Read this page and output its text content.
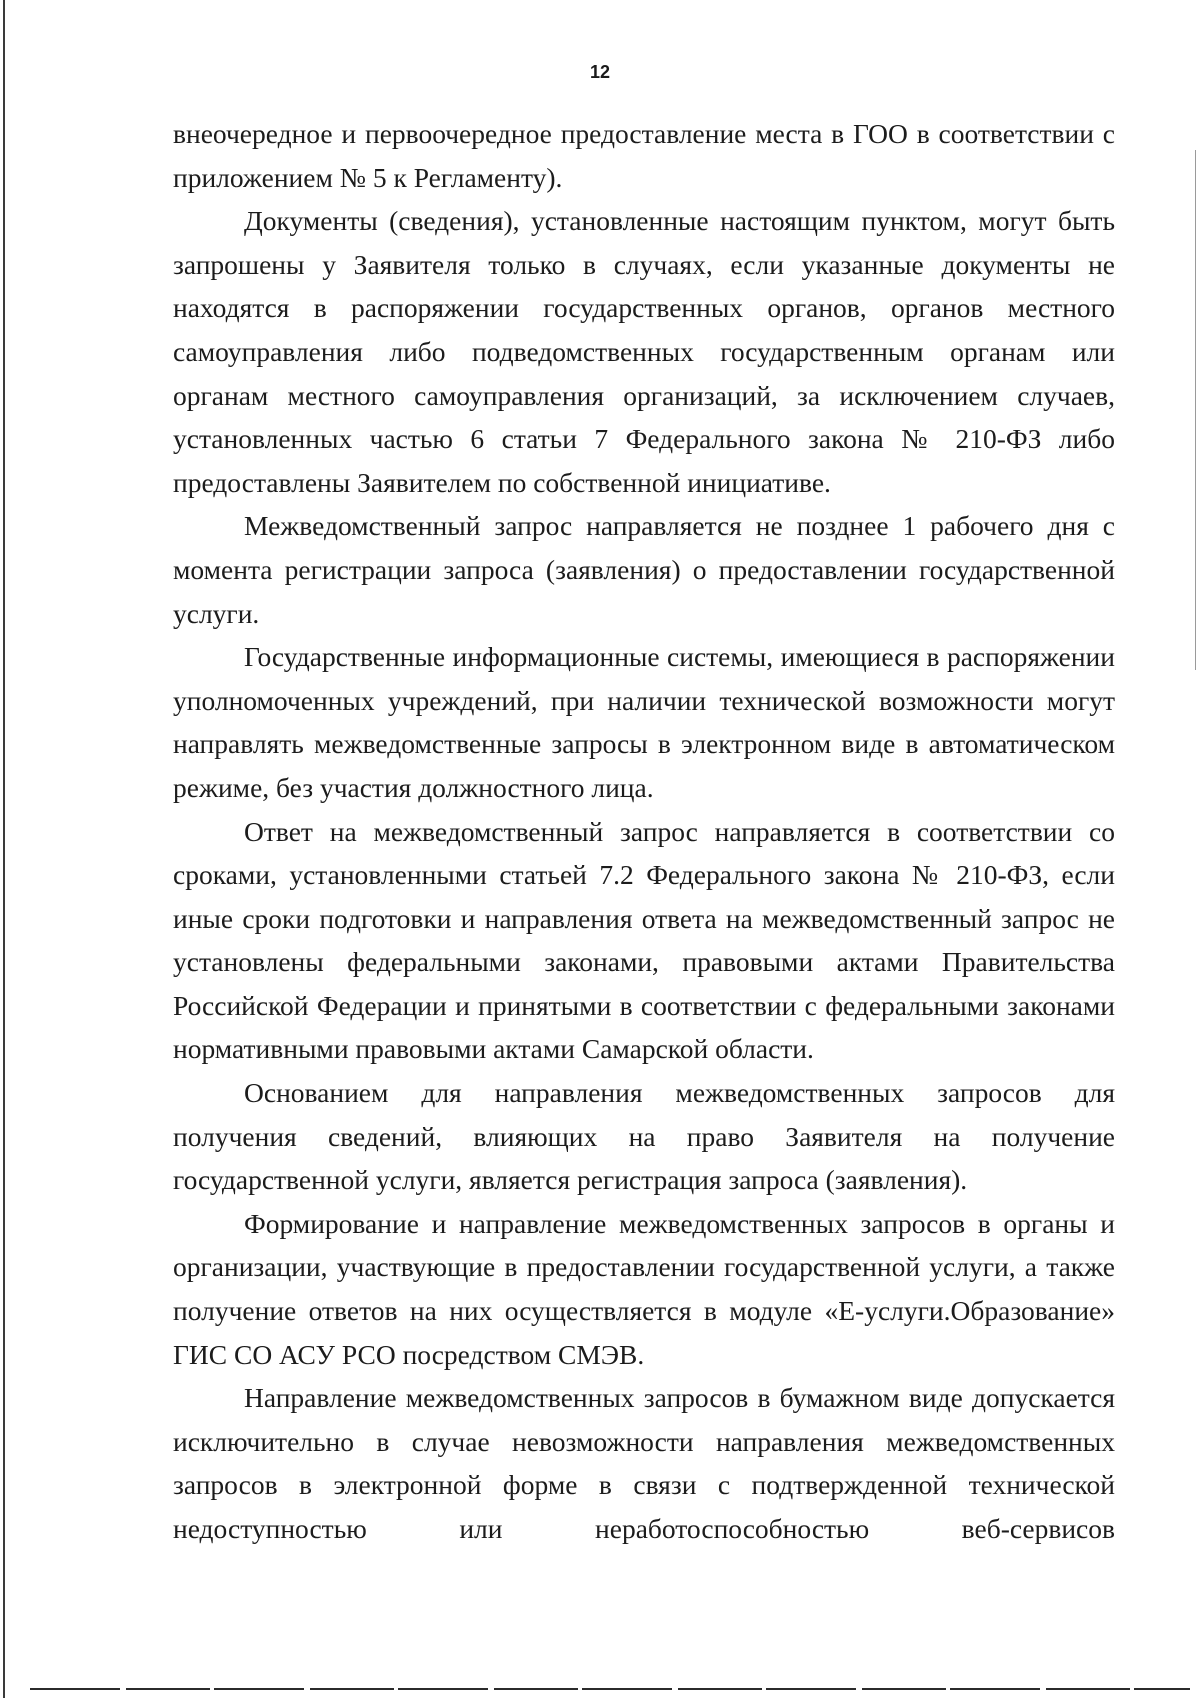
12

внеочередное и первоочередное предоставление места в ГОО в соответствии с приложением № 5 к Регламенту).

Документы (сведения), установленные настоящим пунктом, могут быть запрошены у Заявителя только в случаях, если указанные документы не находятся в распоряжении государственных органов, органов местного самоуправления либо подведомственных государственным органам или органам местного самоуправления организаций, за исключением случаев, установленных частью 6 статьи 7 Федерального закона № 210-ФЗ либо предоставлены Заявителем по собственной инициативе.

Межведомственный запрос направляется не позднее 1 рабочего дня с момента регистрации запроса (заявления) о предоставлении государственной услуги.

Государственные информационные системы, имеющиеся в распоряжении уполномоченных учреждений, при наличии технической возможности могут направлять межведомственные запросы в электронном виде в автоматическом режиме, без участия должностного лица.

Ответ на межведомственный запрос направляется в соответствии со сроками, установленными статьей 7.2 Федерального закона № 210-ФЗ, если иные сроки подготовки и направления ответа на межведомственный запрос не установлены федеральными законами, правовыми актами Правительства Российской Федерации и принятыми в соответствии с федеральными законами нормативными правовыми актами Самарской области.

Основанием для направления межведомственных запросов для получения сведений, влияющих на право Заявителя на получение государственной услуги, является регистрация запроса (заявления).

Формирование и направление межведомственных запросов в органы и организации, участвующие в предоставлении государственной услуги, а также получение ответов на них осуществляется в модуле «Е-услуги.Образование» ГИС СО АСУ РСО посредством СМЭВ.

Направление межведомственных запросов в бумажном виде допускается исключительно в случае невозможности направления межведомственных запросов в электронной форме в связи с подтвержденной технической недоступностью или неработоспособностью веб-сервисов
